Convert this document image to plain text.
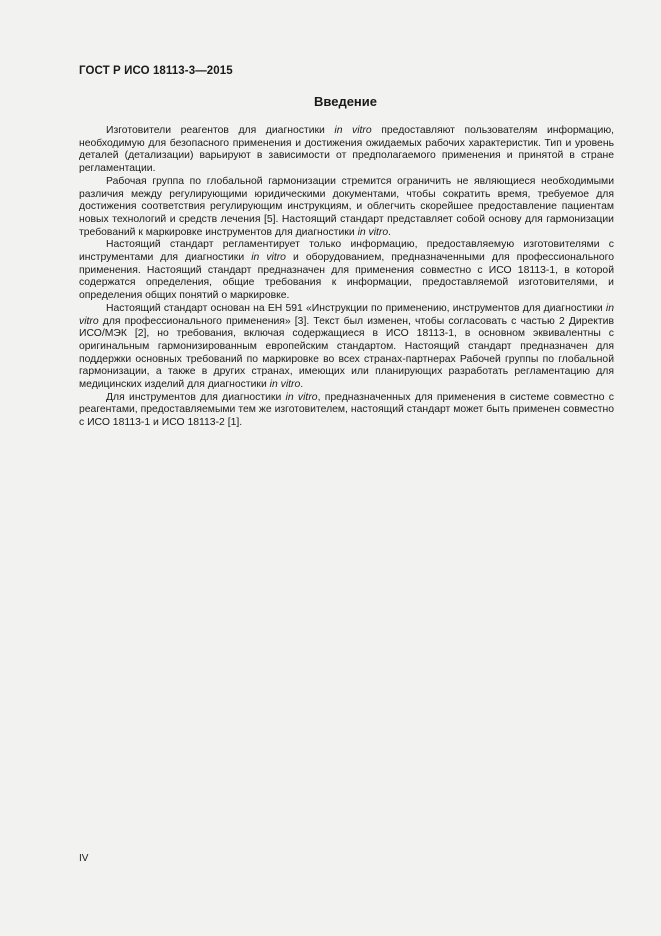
ГОСТ Р ИСО 18113-3—2015
Введение

Изготовители реагентов для диагностики in vitro предоставляют пользователям информацию, необходимую для безопасного применения и достижения ожидаемых рабочих характеристик. Тип и уровень деталей (детализации) варьируют в зависимости от предполагаемого применения и принятой в стране регламентации.

Рабочая группа по глобальной гармонизации стремится ограничить не являющиеся необходимыми различия между регулирующими юридическими документами, чтобы сократить время, требуемое для достижения соответствия регулирующим инструкциям, и облегчить скорейшее предоставление пациентам новых технологий и средств лечения [5]. Настоящий стандарт представляет собой основу для гармонизации требований к маркировке инструментов для диагностики in vitro.

Настоящий стандарт регламентирует только информацию, предоставляемую изготовителями с инструментами для диагностики in vitro и оборудованием, предназначенными для профессионального применения. Настоящий стандарт предназначен для применения совместно с ИСО 18113-1, в которой содержатся определения, общие требования к информации, предоставляемой изготовителями, и определения общих понятий о маркировке.

Настоящий стандарт основан на ЕН 591 «Инструкции по применению, инструментов для диагностики in vitro для профессионального применения» [3]. Текст был изменен, чтобы согласовать с частью 2 Директив ИСО/МЭК [2], но требования, включая содержащиеся в ИСО 18113-1, в основном эквивалентны с оригинальным гармонизированным европейским стандартом. Настоящий стандарт предназначен для поддержки основных требований по маркировке во всех странах-партнерах Рабочей группы по глобальной гармонизации, а также в других странах, имеющих или планирующих разработать регламентацию для медицинских изделий для диагностики in vitro.

Для инструментов для диагностики in vitro, предназначенных для применения в системе совместно с реагентами, предоставляемыми тем же изготовителем, настоящий стандарт может быть применен совместно с ИСО 18113-1 и ИСО 18113-2 [1].

IV
